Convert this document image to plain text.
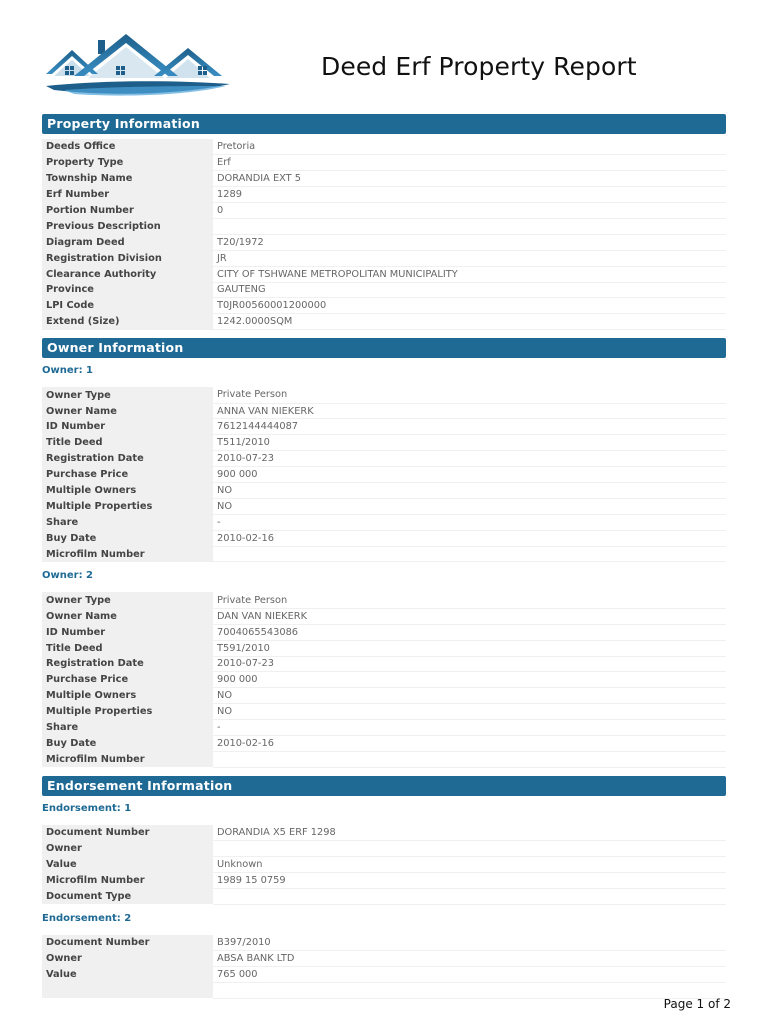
Deed Erf Property Report
Property Information
Deeds Office	Pretoria
Property Type	Erf
Township Name	DORANDIA EXT 5
Erf Number	1289
Portion Number	0
Previous Description	
Diagram Deed	T20/1972
Registration Division	JR
Clearance Authority	CITY OF TSHWANE METROPOLITAN MUNICIPALITY
Province	GAUTENG
LPI Code	T0JR00560001200000
Extend (Size)	1242.0000SQM
Owner Information
Owner: 1
Owner Type	Private Person
Owner Name	ANNA VAN NIEKERK
ID Number	7612144444087
Title Deed	T511/2010
Registration Date	2010-07-23
Purchase Price	900 000
Multiple Owners	NO
Multiple Properties	NO
Share	-
Buy Date	2010-02-16
Microfilm Number	
Owner: 2
Owner Type	Private Person
Owner Name	DAN VAN NIEKERK
ID Number	7004065543086
Title Deed	T591/2010
Registration Date	2010-07-23
Purchase Price	900 000
Multiple Owners	NO
Multiple Properties	NO
Share	-
Buy Date	2010-02-16
Microfilm Number	
Endorsement Information
Endorsement: 1
Document Number	DORANDIA X5 ERF 1298
Owner	
Value	Unknown
Microfilm Number	1989 15 0759
Document Type	
Endorsement: 2
Document Number	B397/2010
Owner	ABSA BANK LTD
Value	765 000

Page 1 of 2
